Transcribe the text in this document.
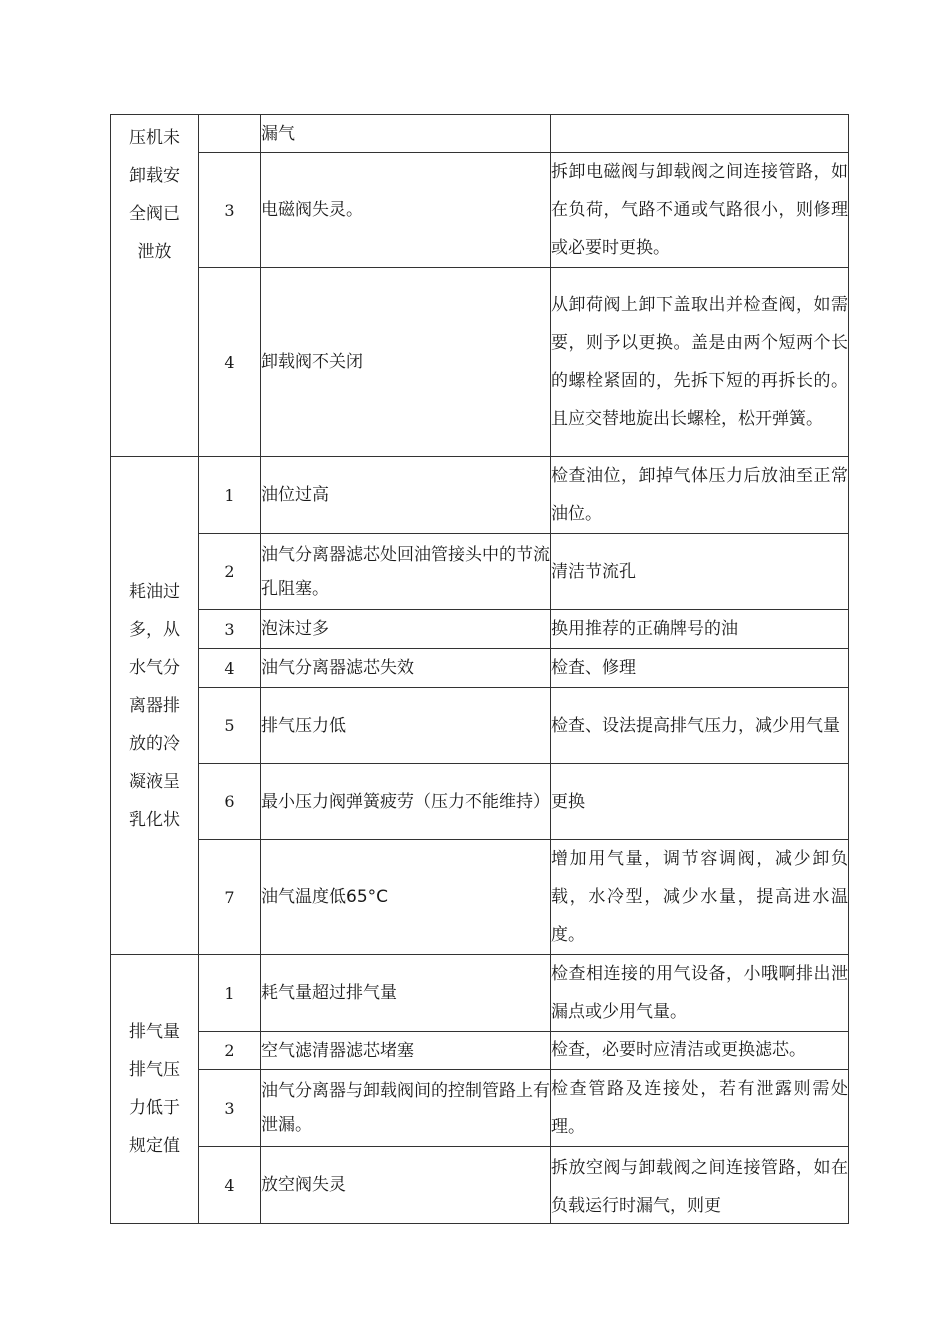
压机未卸载安全阀已泄放		漏气	
	3	电磁阀失灵。	拆卸电磁阀与卸载阀之间连接管路，如在负荷，气路不通或气路很小，则修理或必要时更换。
	4	卸载阀不关闭	从卸荷阀上卸下盖取出并检查阀，如需要，则予以更换。盖是由两个短两个长的螺栓紧固的，先拆下短的再拆长的。且应交替地旋出长螺栓，松开弹簧。
耗油过多，从水气分离器排放的冷凝液呈乳化状	1	油位过高	检查油位，卸掉气体压力后放油至正常油位。
	2	油气分离器滤芯处回油管接头中的节流孔阻塞。	清洁节流孔
	3	泡沫过多	换用推荐的正确牌号的油
	4	油气分离器滤芯失效	检査、修理
	5	排气压力低	检查、设法提高排气压力，减少用气量
	6	最小压力阀弹簧疲劳（压力不能维持）	更换
	7	油气温度低65°C	增加用气量，调节容调阀，减少卸负载，水冷型，减少水量，提高进水温度。
排气量排气压力低于规定值	1	耗气量超过排气量	检查相连接的用气设备，小哦啊排出泄漏点或少用气量。
	2	空气滤清器滤芯堵塞	检查，必要时应清洁或更换滤芯。

	3	油气分离器与卸载阀间的控制管路上有泄漏。	检查管路及连接处，若有泄露则需处理。
	4	放空阀失灵	拆放空阀与卸载阀之间连接管路，如在负载运行时漏气，则更
